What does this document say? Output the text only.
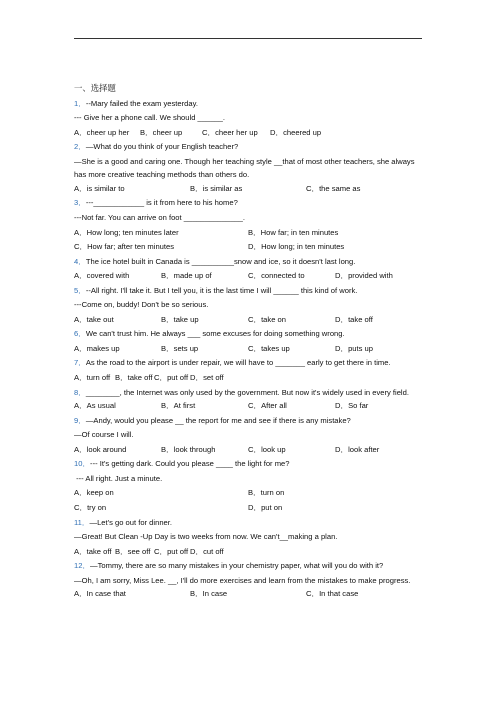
一、选择题
1．--Mary failed the exam yesterday.
--- Give her a phone call. We should ______.
A．cheer up her B．cheer up	C．cheer her up D．cheered up
2．—What do you think of your English teacher?
—She is a good and caring one. Though her teaching style __that of most other teachers, she always has more creative teaching methods than others do.
A．is similar to	B．is similar as	C．the same as
3．---____________ is it from here to his home?
---Not far. You can arrive on foot ______________.
A．How long; ten minutes later	B．How far; in ten minutes
C．How far; after ten minutes	D．How long; in ten minutes
4．The ice hotel built in Canada is __________snow and ice, so it doesn't last long.
A．covered with	B．made up of	C．connected to	D．provided with
5．--All right. I'll take it. But I tell you, it is the last time I will ______ this kind of work.
---Come on, buddy! Don't be so serious.
A．take out	B．take up	C．take on	D．take off
6．We can't trust him. He always ___ some excuses for doing something wrong.
A．makes up	B．sets up	C．takes up	D．puts up
7．As the road to the airport is under repair, we will have to _______ early to get there in time.
A．turn off B．take off C．put off D．set off
8．________, the Internet was only used by the government. But now it's widely used in every field.
A．As usual	B．At first	C．After all	D．So far
9．—Andy, would you please __ the report for me and see if there is any mistake?
—Of course I will.
A．look around	B．look through	C．look up	D．look after
10．--- It's getting dark. Could you please ____ the light for me?
--- All right. Just a minute.
A．keep on	B．turn on
C．try on	D．put on
11．—Let's go out for dinner.
—Great! But Clean -Up Day is two weeks from now. We can't__making a plan.
A．take off B．see off C．put off D．cut off
12．—Tommy, there are so many mistakes in your chemistry paper, what will you do with it?
—Oh, I am sorry, Miss Lee. __, I'll do more exercises and learn from the mistakes to make progress.
A．In case that	B．In case	C．In that case
